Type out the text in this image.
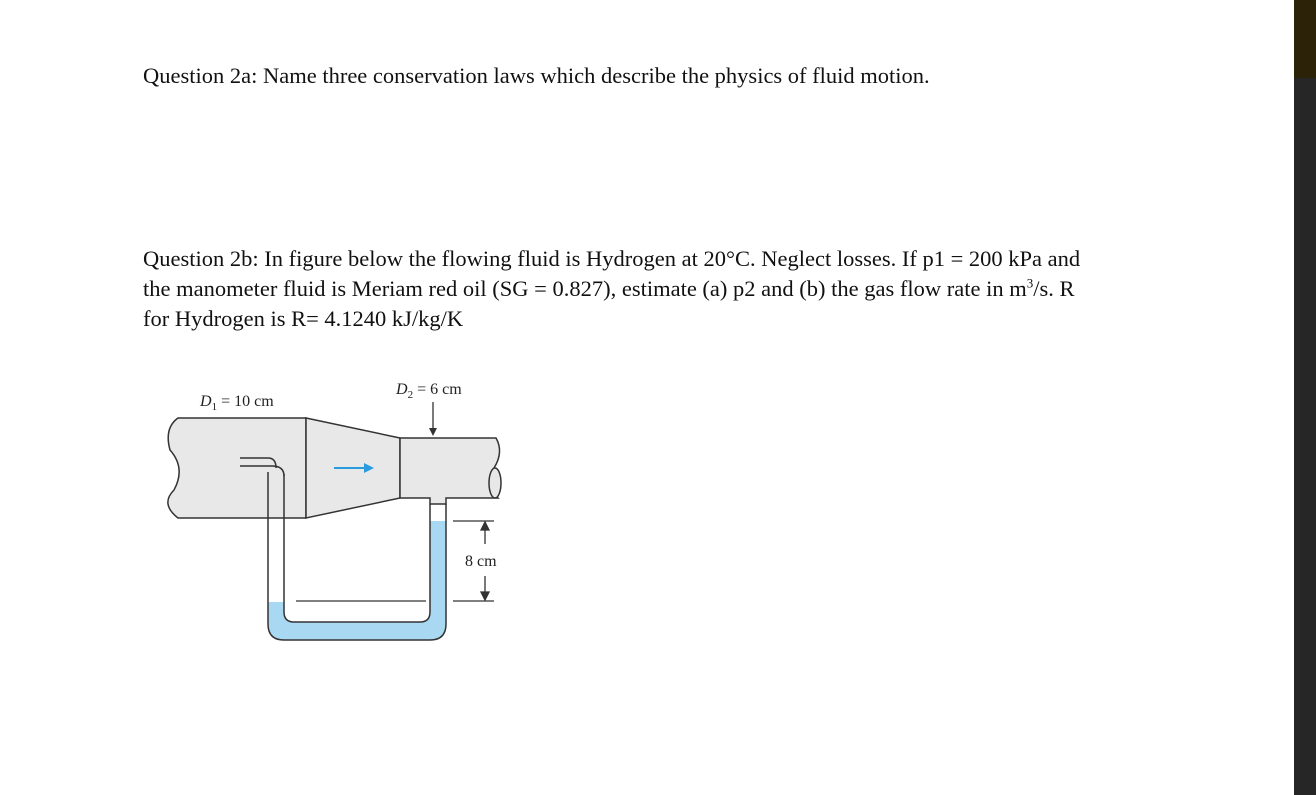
Question 2a: Name three conservation laws which describe the physics of fluid motion.

Question 2b: In figure below the flowing fluid is Hydrogen at 20°C. Neglect losses. If p1 = 200 kPa and
the manometer fluid is Meriam red oil (SG = 0.827), estimate (a) p2 and (b) the gas flow rate in $m^3/s$. R
for Hydrogen is R= 4.1240 kJ/kg/K

$D_1 = 10$ cm
$D_2 = 6$ cm
8 cm
